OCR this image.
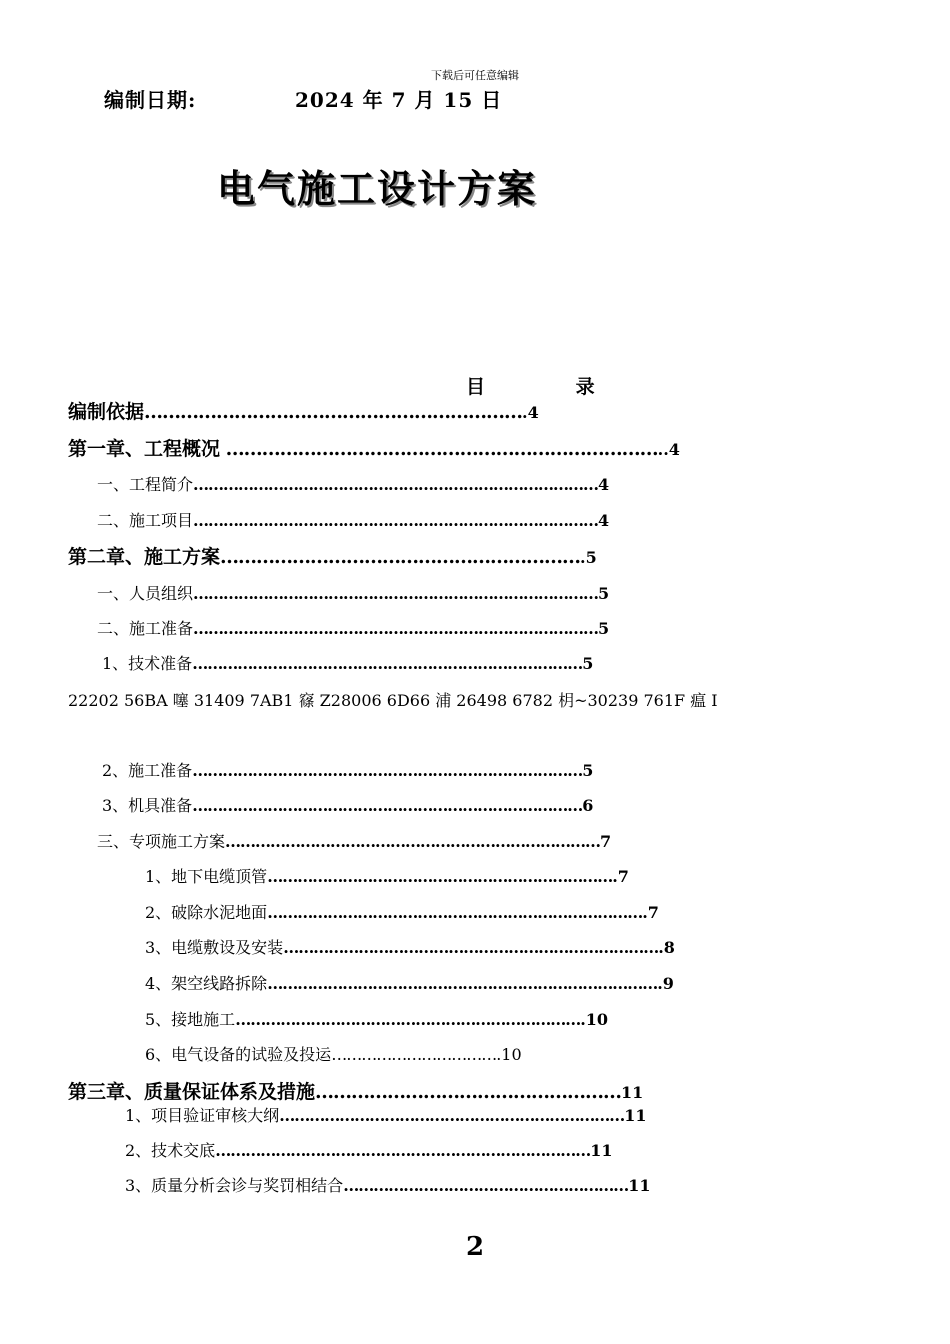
下载后可任意编辑
编制日期:	2024 年 7 月 15 日
电气施工设计方案
目 录
编制依据……………………………………………………….4
第一章、工程概况 ………………………………………………………………..4
一、工程简介………………………………………………………………………4
二、施工项目………………………………………………………………………4
第二章、施工方案…………………………………………………….5
一、人员组织………………………………………………………………………5
二、施工准备………………………………………………………………………5
1、技术准备……………………………………………………………………5
22202 56BA 噻 31409 7AB1 窱 Z28006 6D66 浦 26498 6782 枂~30239 761F 瘟 I
2、施工准备……………………………………………………………………5
3、机具准备……………………………………………………………………6
三、专项施工方案…………………………………………………………………7
1、地下电缆顶管…………………………………………………………….7
2、破除水泥地面………………………………………………………………….7
3、电缆敷设及安装………………………………………………………………….8
4、架空线路拆除…………………………………………………………………….9
5、接地施工…………………………………………………………….10
6、电气设备的试验及投运…………………………….10
第三章、质量保证体系及措施……………………………………………11
1、项目验证审核大纲……………………………………………………………11
2、技术交底…………………………………………………………………11
3、质量分析会诊与奖罚相结合…………………………………………………11
2
